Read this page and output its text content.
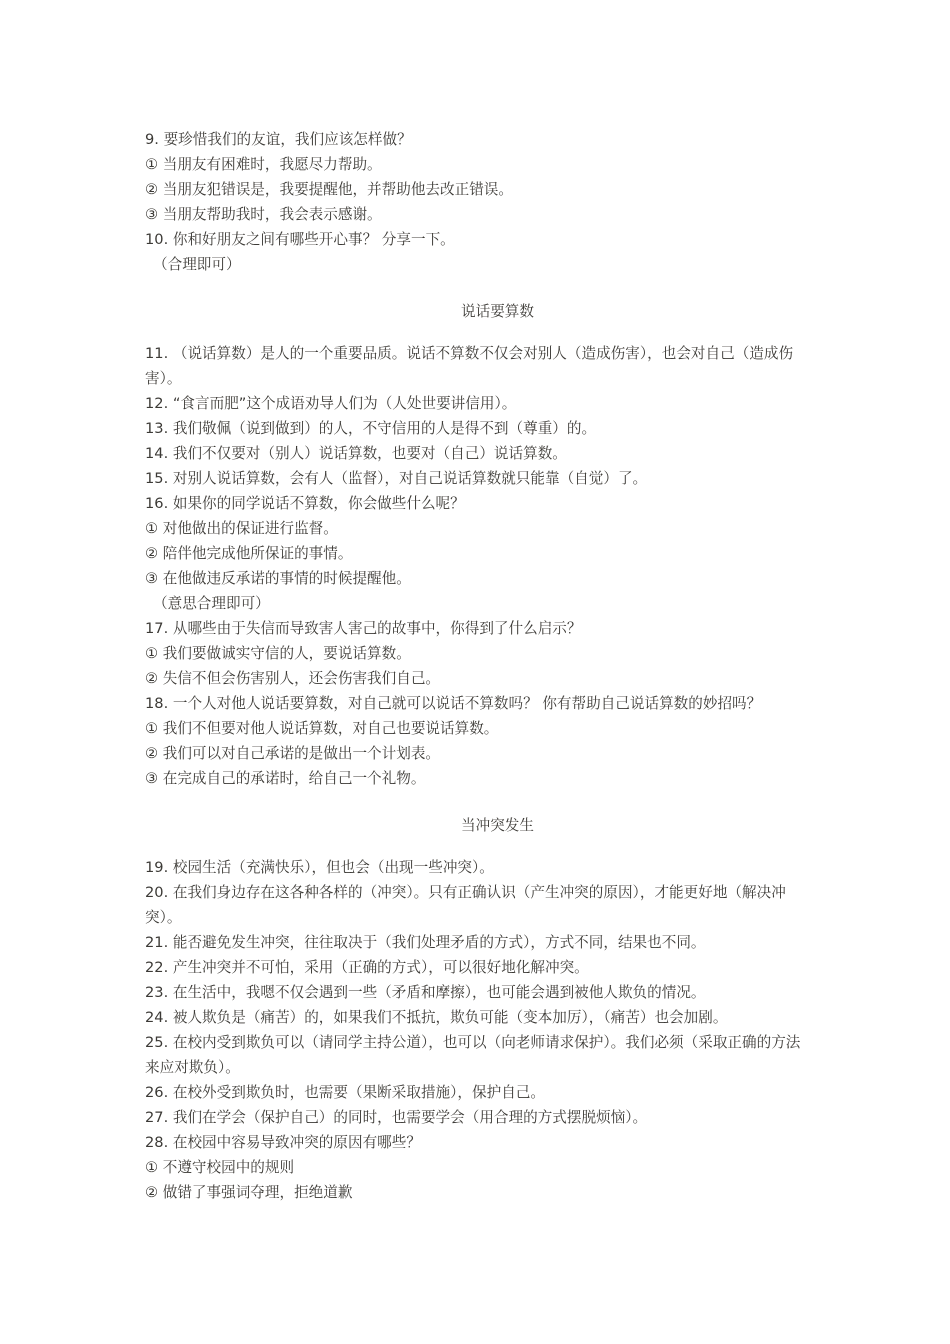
9. 要珍惜我们的友谊，我们应该怎样做？
① 当朋友有困难时，我愿尽力帮助。
② 当朋友犯错误是，我要提醒他，并帮助他去改正错误。
③ 当朋友帮助我时，我会表示感谢。
10. 你和好朋友之间有哪些开心事？ 分享一下。
（合理即可）
说话要算数
11. （说话算数）是人的一个重要品质。说话不算数不仅会对别人（造成伤害），也会对自己（造成伤害）。
12. “食言而肥”这个成语劝导人们为（人处世要讲信用）。
13. 我们敬佩（说到做到）的人，不守信用的人是得不到（尊重）的。
14. 我们不仅要对（别人）说话算数，也要对（自己）说话算数。
15. 对别人说话算数，会有人（监督），对自己说话算数就只能靠（自觉）了。
16. 如果你的同学说话不算数，你会做些什么呢？
① 对他做出的保证进行监督。
② 陪伴他完成他所保证的事情。
③ 在他做违反承诺的事情的时候提醒他。
（意思合理即可）
17. 从哪些由于失信而导致害人害己的故事中，你得到了什么启示？
① 我们要做诚实守信的人，要说话算数。
② 失信不但会伤害别人，还会伤害我们自己。
18. 一个人对他人说话要算数，对自己就可以说话不算数吗？ 你有帮助自己说话算数的妙招吗？
① 我们不但要对他人说话算数，对自己也要说话算数。
② 我们可以对自己承诺的是做出一个计划表。
③ 在完成自己的承诺时，给自己一个礼物。
当冲突发生
19. 校园生活（充满快乐），但也会（出现一些冲突）。
20. 在我们身边存在这各种各样的（冲突）。只有正确认识（产生冲突的原因），才能更好地（解决冲突）。
21. 能否避免发生冲突，往往取决于（我们处理矛盾的方式），方式不同，结果也不同。
22. 产生冲突并不可怕，采用（正确的方式），可以很好地化解冲突。
23. 在生活中，我嗯不仅会遇到一些（矛盾和摩擦），也可能会遇到被他人欺负的情况。
24. 被人欺负是（痛苦）的，如果我们不抵抗，欺负可能（变本加厉），（痛苦）也会加剧。
25. 在校内受到欺负可以（请同学主持公道），也可以（向老师请求保护）。我们必须（采取正确的方法来应对欺负）。
26. 在校外受到欺负时，也需要（果断采取措施），保护自己。
27. 我们在学会（保护自己）的同时，也需要学会（用合理的方式摆脱烦恼）。
28. 在校园中容易导致冲突的原因有哪些？
① 不遵守校园中的规则
② 做错了事强词夺理，拒绝道歉
